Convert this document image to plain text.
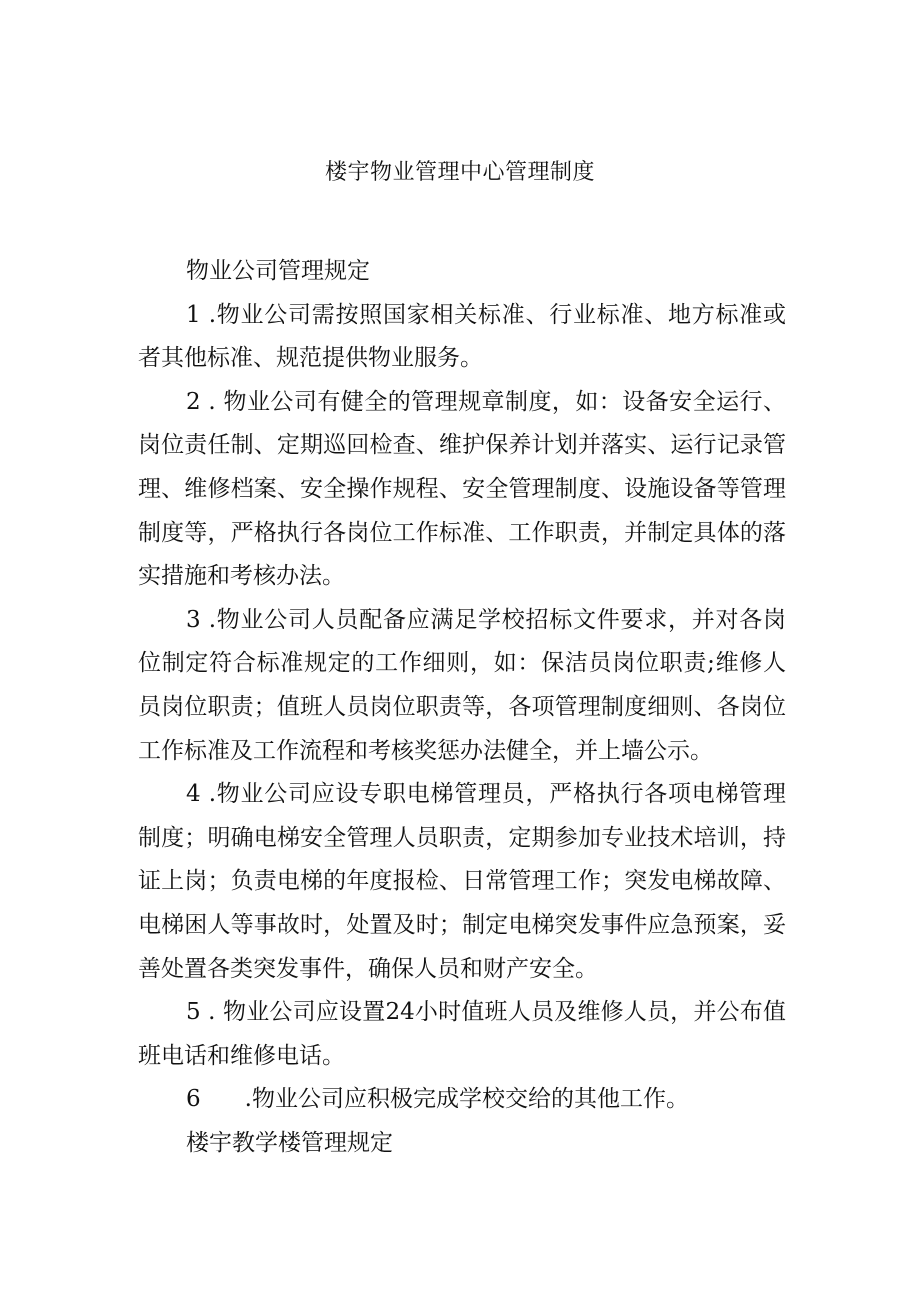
楼宇物业管理中心管理制度

物业公司管理规定

1 .物业公司需按照国家相关标准、行业标准、地方标准或者其他标准、规范提供物业服务。

2 . 物业公司有健全的管理规章制度，如：设备安全运行、岗位责任制、定期巡回检查、维护保养计划并落实、运行记录管理、维修档案、安全操作规程、安全管理制度、设施设备等管理制度等，严格执行各岗位工作标准、工作职责，并制定具体的落实措施和考核办法。

3 .物业公司人员配备应满足学校招标文件要求，并对各岗位制定符合标准规定的工作细则，如：保洁员岗位职责;维修人员岗位职责；值班人员岗位职责等，各项管理制度细则、各岗位工作标准及工作流程和考核奖惩办法健全，并上墙公示。

4 .物业公司应设专职电梯管理员，严格执行各项电梯管理制度；明确电梯安全管理人员职责，定期参加专业技术培训，持证上岗；负责电梯的年度报检、日常管理工作；突发电梯故障、电梯困人等事故时，处置及时；制定电梯突发事件应急预案，妥善处置各类突发事件，确保人员和财产安全。

5 . 物业公司应设置24小时值班人员及维修人员，并公布值班电话和维修电话。

6 .物业公司应积极完成学校交给的其他工作。

楼宇教学楼管理规定
